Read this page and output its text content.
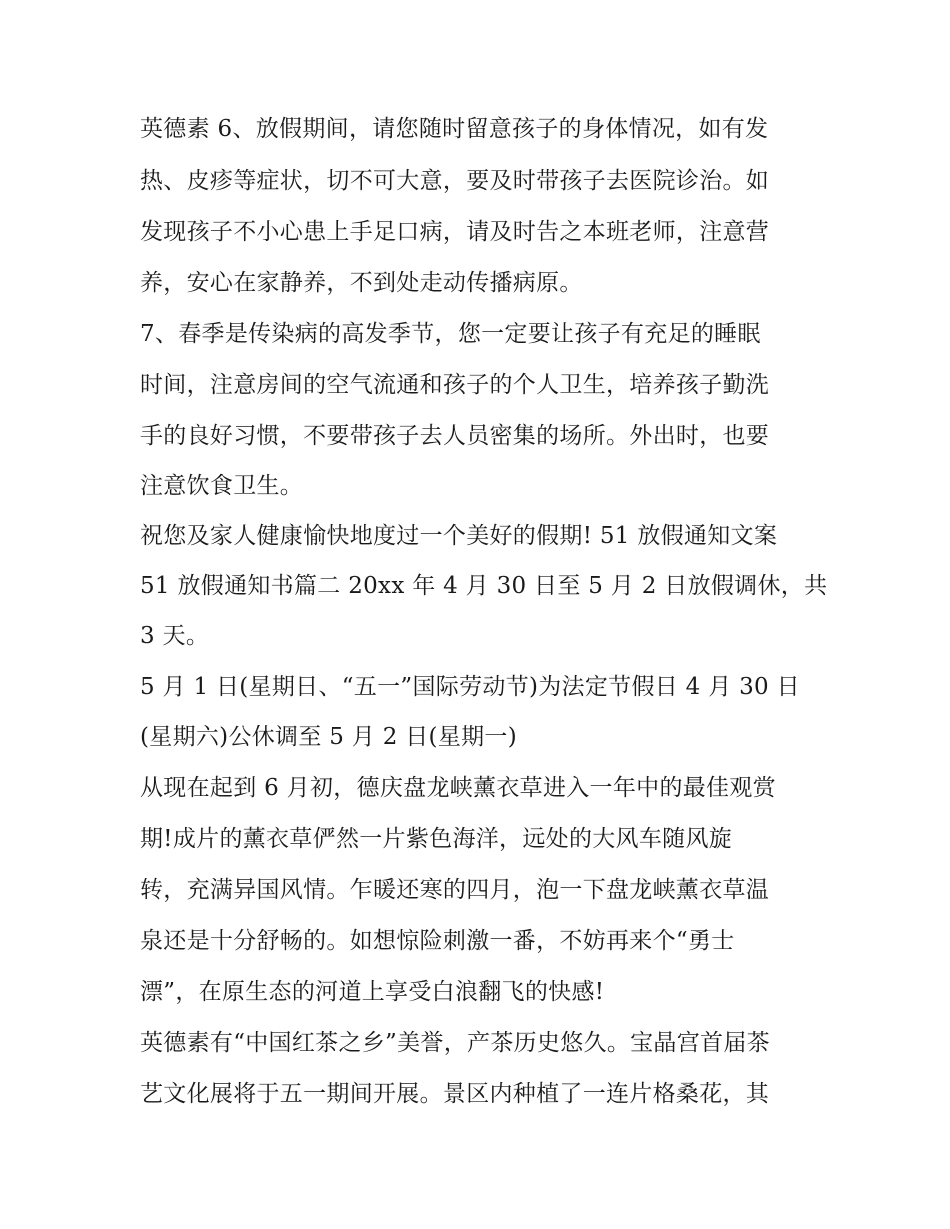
英德素 6、放假期间，请您随时留意孩子的身体情况，如有发
热、皮疹等症状，切不可大意，要及时带孩子去医院诊治。如
发现孩子不小心患上手足口病，请及时告之本班老师，注意营
养，安心在家静养，不到处走动传播病原。
7、春季是传染病的高发季节，您一定要让孩子有充足的睡眠
时间，注意房间的空气流通和孩子的个人卫生，培养孩子勤洗
手的良好习惯，不要带孩子去人员密集的场所。外出时，也要
注意饮食卫生。
祝您及家人健康愉快地度过一个美好的假期! 51 放假通知文案
51 放假通知书篇二 20xx 年 4 月 30 日至 5 月 2 日放假调休，共
3 天。
5 月 1 日(星期日、“五一”国际劳动节)为法定节假日 4 月 30 日
(星期六)公休调至 5 月 2 日(星期一)
从现在起到 6 月初，德庆盘龙峡薰衣草进入一年中的最佳观赏
期!成片的薰衣草俨然一片紫色海洋，远处的大风车随风旋
转，充满异国风情。乍暖还寒的四月，泡一下盘龙峡薰衣草温
泉还是十分舒畅的。如想惊险刺激一番，不妨再来个“勇士
漂”，在原生态的河道上享受白浪翻飞的快感!
英德素有“中国红茶之乡”美誉，产茶历史悠久。宝晶宫首届茶
艺文化展将于五一期间开展。景区内种植了一连片格桑花，其
